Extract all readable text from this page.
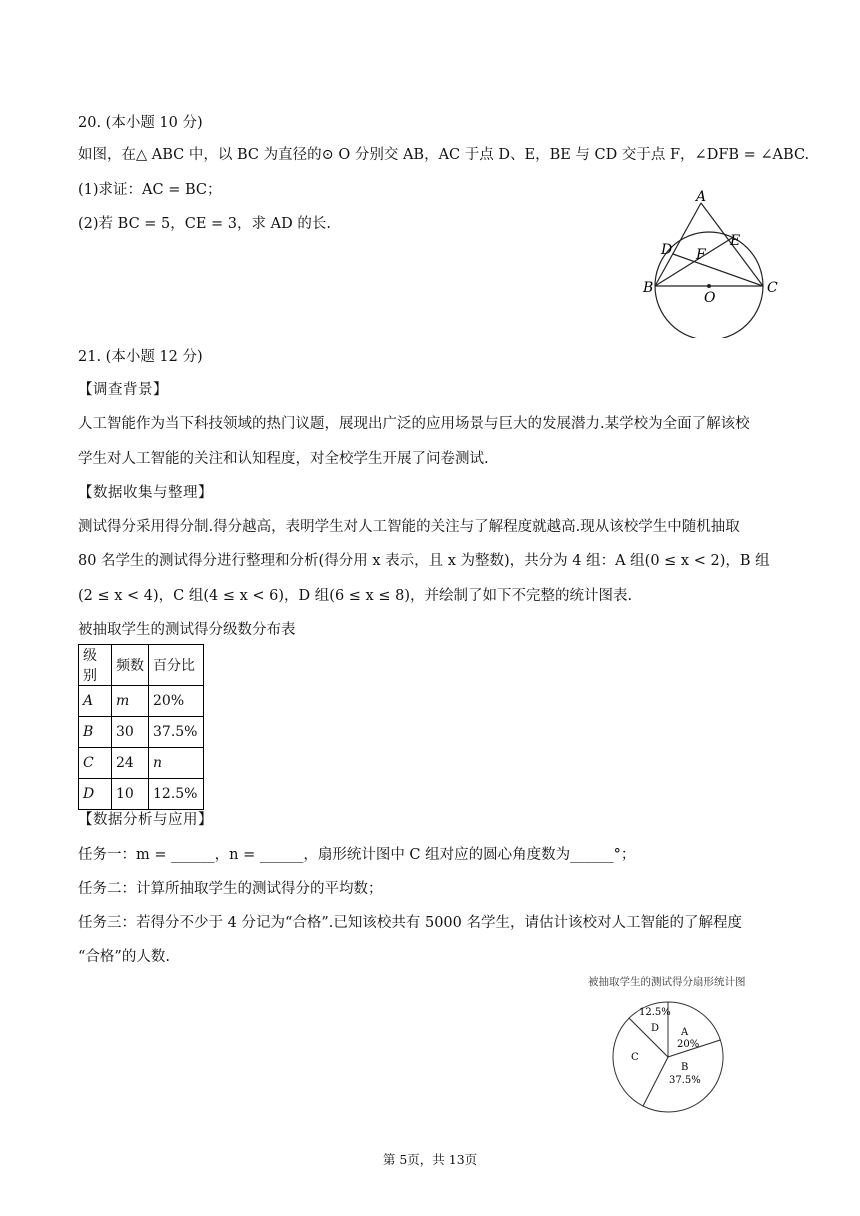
20. (本小题 10 分)
如图，在△ ABC 中，以 BC 为直径的⊙ O 分别交 AB，AC 于点 D、E，BE 与 CD 交于点 F，∠DFB = ∠ABC.
(1)求证：AC = BC；
(2)若 BC = 5，CE = 3，求 AD 的长.
A
D
E
F
B	C
O
21. (本小题 12 分)
【调查背景】
人工智能作为当下科技领域的热门议题，展现出广泛的应用场景与巨大的发展潜力.某学校为全面了解该校
学生对人工智能的关注和认知程度，对全校学生开展了问卷测试.
【数据收集与整理】
测试得分采用得分制.得分越高，表明学生对人工智能的关注与了解程度就越高.现从该校学生中随机抽取
80 名学生的测试得分进行整理和分析(得分用 x 表示，且 x 为整数)，共分为 4 组：A 组(0 ≤ x < 2)，B 组
(2 ≤ x < 4)，C 组(4 ≤ x < 6)，D 组(6 ≤ x ≤ 8)，并绘制了如下不完整的统计图表.
被抽取学生的测试得分级数分布表
级别	频数	百分比
A	m	20%
B	30	37.5%
C	24	n
D	10	12.5%
【数据分析与应用】
任务一：m = ______，n = ______，扇形统计图中 C 组对应的圆心角度数为______°；
任务二：计算所抽取学生的测试得分的平均数；
任务三：若得分不少于 4 分记为“合格”.已知该校共有 5000 名学生，请估计该校对人工智能的了解程度
“合格”的人数.
被抽取学生的测试得分扇形统计图
A
20%
B
37.5%
C
12.5%
D
第 5页，共 13页
